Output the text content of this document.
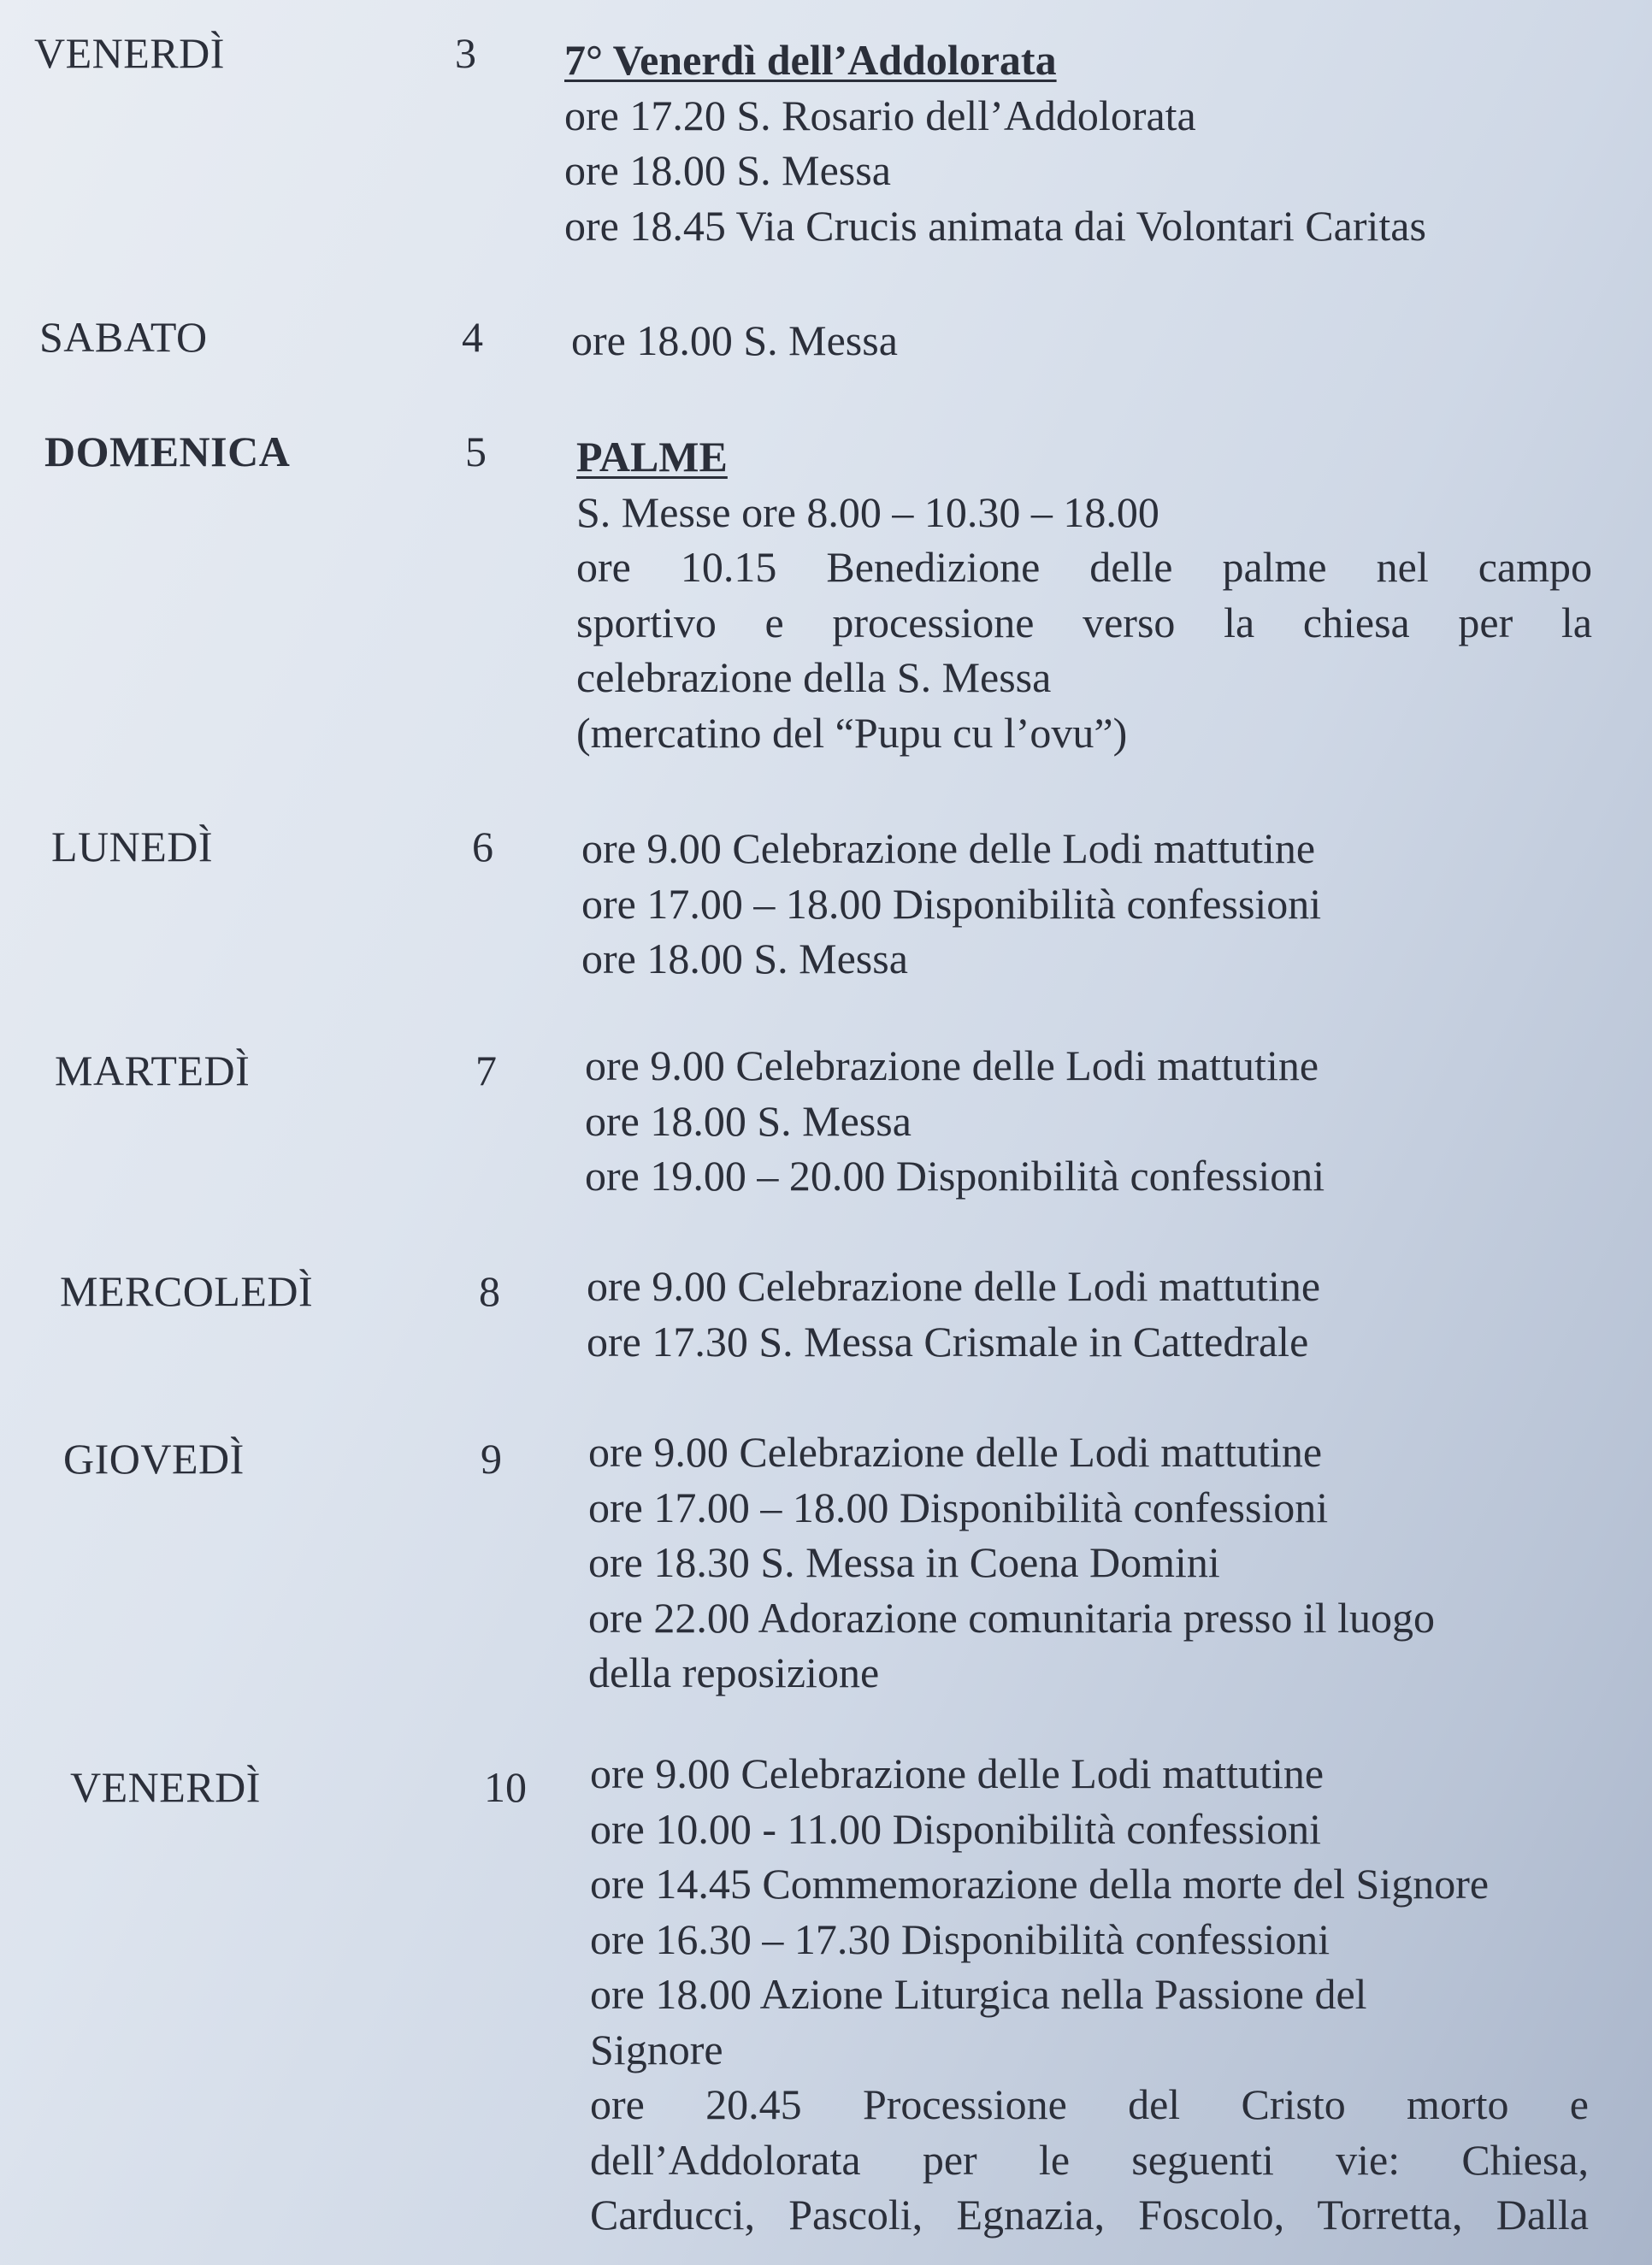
VENERDÌ	3 7° Venerdì dell’Addolorata
ore 17.20 S. Rosario dell’Addolorata
ore 18.00 S. Messa
ore 18.45 Via Crucis animata dai Volontari Caritas
SABATO	4 ore 18.00 S. Messa
DOMENICA	5 PALME
S. Messe ore 8.00 – 10.30 – 18.00
ore 10.15 Benedizione delle palme nel campo
sportivo e processione verso la chiesa per la
celebrazione della S. Messa
(mercatino del “Pupu cu l’ovu”)
LUNEDÌ	6 ore 9.00 Celebrazione delle Lodi mattutine
ore 17.00 – 18.00 Disponibilità confessioni
ore 18.00 S. Messa
MARTEDÌ	7 ore 9.00 Celebrazione delle Lodi mattutine
ore 18.00 S. Messa
ore 19.00 – 20.00 Disponibilità confessioni
MERCOLEDÌ	8 ore 9.00 Celebrazione delle Lodi mattutine
ore 17.30 S. Messa Crismale in Cattedrale
GIOVEDÌ	9 ore 9.00 Celebrazione delle Lodi mattutine
ore 17.00 – 18.00 Disponibilità confessioni
ore 18.30 S. Messa in Coena Domini
ore 22.00 Adorazione comunitaria presso il luogo
della reposizione
VENERDÌ	10 ore 9.00 Celebrazione delle Lodi mattutine
ore 10.00 - 11.00 Disponibilità confessioni
ore 14.45 Commemorazione della morte del Signore
ore 16.30 – 17.30 Disponibilità confessioni
ore 18.00 Azione Liturgica nella Passione del
Signore
ore 20.45 Processione del Cristo morto e
dell’Addolorata per le seguenti vie: Chiesa,
Carducci, Pascoli, Egnazia, Foscolo, Torretta, Dalla
